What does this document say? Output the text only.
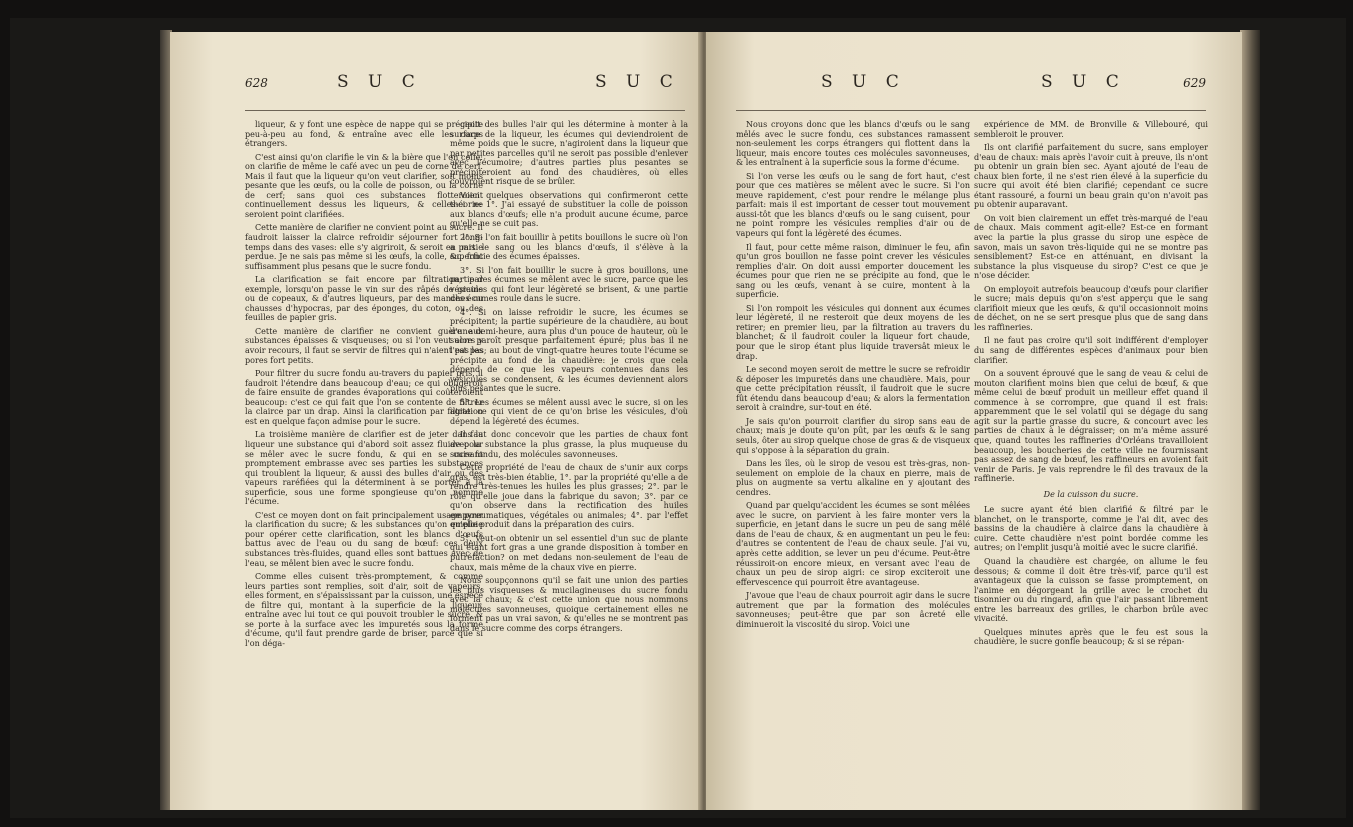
628	S U C	S U C

liqueur, & y font une espèce de nappe qui se précipite peu-à-peu au fond, & entraîne avec elle les corps étrangers.

C'est ainsi qu'on clarifie le vin & la bière que l'on colle: on clarifie de même le café avec un peu de corne de cerf. Mais il faut que la liqueur qu'on veut clarifier, soit moins pesante que les œufs, ou la colle de poisson, ou la corne de cerf; sans quoi ces substances flotteroient continuellement dessus les liqueurs, & celles-ci ne seroient point clarifiées.

Cette manière de clarifier ne convient point au sucre. Il faudroit laisser la clairce refroidir séjourner fort long-temps dans des vases: elle s'y aigriroit, & seroit en partie perdue. Je ne sais pas même si les œufs, la colle, &c. font suffisamment plus pesans que le sucre fondu.

La clarification se fait encore par filtration; par exemple, lorsqu'on passe le vin sur des râpés de grains ou de copeaux, & d'autres liqueurs, par des manches ou chausses d'hypocras, par des éponges, du coton, ou des feuilles de papier gris.

Cette manière de clarifier ne convient guère aux substances épaisses & visqueuses; ou si l'on veut alors y avoir recours, il faut se servir de filtres qui n'aient pas les pores fort petits.

Pour filtrer du sucre fondu au-travers du papier gris, il faudroit l'étendre dans beaucoup d'eau; ce qui obligeroit de faire ensuite de grandes évaporations qui coûteroient beaucoup: c'est ce qui fait que l'on se contente de filtrer la clairce par un drap. Ainsi la clarification par filtration est en quelque façon admise pour le sucre.

La troisième manière de clarifier est de jeter dans la liqueur une substance qui d'abord soit assez fluide pour se mêler avec le sucre fondu, & qui en se cuisant promptement embrasse avec ses parties les substances qui troublent la liqueur, & aussi des bulles d'air ou des vapeurs raréfiées qui la déterminent à se porter à la superficie, sous une forme spongieuse qu'on nomme l'écume.

C'est ce moyen dont on fait principalement usage pour la clarification du sucre; & les substances qu'on emploie pour opérer cette clarification, sont les blancs d'œufs battus avec de l'eau ou du sang de bœuf: ces deux substances très-fluides, quand elles sont battues avec de l'eau, se mêlent bien avec le sucre fondu.

Comme elles cuisent très-promptement, & comme leurs parties sont remplies, soit d'air, soit de vapeurs, elles forment, en s'épaississant par la cuisson, une espèce de filtre qui, montant à la superficie de la liqueur, entraîne avec lui tout ce qui pouvoit troubler le sucre, & se porte à la surface avec les impuretés sous la forme d'écume, qu'il faut prendre garde de briser, parce que si l'on déga-

geoit des bulles l'air qui les détermine à monter à la surface de la liqueur, les écumes qui deviendroient de même poids que le sucre, n'agiroient dans la liqueur que par petites parcelles qu'il ne seroit pas possible d'enlever avec l'écumoire; d'autres parties plus pesantes se précipiteroient au fond des chaudières, où elles couvroient risque de se brûler.

Voici quelques observations qui confirmeront cette théorie: 1°. J'ai essayé de substituer la colle de poisson aux blancs d'œufs; elle n'a produit aucune écume, parce qu'elle ne se cuit pas.

2°. Si l'on fait bouillir à petits bouillons le sucre où l'on a mis le sang ou les blancs d'œufs, il s'élève à la superficie des écumes épaisses.

3°. Si l'on fait bouillir le sucre à gros bouillons, une partie des écumes se mêlent avec le sucre, parce que les vésicules qui font leur légèreté se brisent, & une partie des écumes roule dans le sucre.

4°. Si on laisse refroidir le sucre, les écumes se précipitent; la partie supérieure de la chaudière, au bout d'une demi-heure, aura plus d'un pouce de hauteur, où le sucre paroît presque parfaitement épuré; plus bas il ne l'est pas; au bout de vingt-quatre heures toute l'écume se précipite au fond de la chaudière: je crois que cela dépend de ce que les vapeurs contenues dans les vésicules se condensent, & les écumes deviennent alors plus pesantes que le sucre.

5°. Les écumes se mêlent aussi avec le sucre, si on les agite: ce qui vient de ce qu'on brise les vésicules, d'où dépend la légèreté des écumes.

Il faut donc concevoir que les parties de chaux font avec la substance la plus grasse, la plus muqueuse du sucre fondu, des molécules savonneuses.

Cette propriété de l'eau de chaux de s'unir aux corps gras, est très-bien établie, 1°. par la propriété qu'elle a de rendre très-tenues les huiles les plus grasses; 2°. par le rôle qu'elle joue dans la fabrique du savon; 3°. par ce qu'on observe dans la rectification des huiles empyreumatiques, végétales ou animales; 4°. par l'effet qu'elle produit dans la préparation des cuirs.

5°. Veut-on obtenir un sel essentiel d'un suc de plante qui étant fort gras a une grande disposition à tomber en putréfaction? on met dedans non-seulement de l'eau de chaux, mais même de la chaux vive en pierre.

Nous soupçonnons qu'il se fait une union des parties les plus visqueuses & mucilagineuses du sucre fondu avec la chaux; & c'est cette union que nous nommons molécules savonneuses, quoique certainement elles ne forment pas un vrai savon, & qu'elles ne se montrent pas dans le sucre comme des corps étrangers.

S U C	S U C	629

Nous croyons donc que les blancs d'œufs ou le sang mêlés avec le sucre fondu, ces substances ramassent non-seulement les corps étrangers qui flottent dans la liqueur, mais encore toutes ces molécules savonneuses, & les entraînent à la superficie sous la forme d'écume.

Si l'on verse les œufs ou le sang de fort haut, c'est pour que ces matières se mêlent avec le sucre. Si l'on meuve rapidement, c'est pour rendre le mélange plus parfait: mais il est important de cesser tout mouvement aussi-tôt que les blancs d'œufs ou le sang cuisent, pour ne point rompre les vésicules remplies d'air ou de vapeurs qui font la légèreté des écumes.

Il faut, pour cette même raison, diminuer le feu, afin qu'un gros bouillon ne fasse point crever les vésicules remplies d'air. On doit aussi emporter doucement les écumes pour que rien ne se précipite au fond, que le sang ou les œufs, venant à se cuire, montent à la superficie.

Si l'on rompoit les vésicules qui donnent aux écumes leur légèreté, il ne resteroit que deux moyens de les retirer; en premier lieu, par la filtration au travers du blanchet; & il faudroit couler la liqueur fort chaude, pour que le sirop étant plus liquide traversât mieux le drap.

Le second moyen seroit de mettre le sucre se refroidir & déposer les impuretés dans une chaudière. Mais, pour que cette précipitation réussît, il faudroit que le sucre fût étendu dans beaucoup d'eau; & alors la fermentation seroit à craindre, sur-tout en été.

Je sais qu'on pourroit clarifier du sirop sans eau de chaux; mais je doute qu'on pût, par les œufs & le sang seuls, ôter au sirop quelque chose de gras & de visqueux qui s'oppose à la séparation du grain.

Dans les îles, où le sirop de vesou est très-gras, non-seulement on emploie de la chaux en pierre, mais de plus on augmente sa vertu alkaline en y ajoutant des cendres.

Quand par quelqu'accident les écumes se sont mêlées avec le sucre, on parvient à les faire monter vers la superficie, en jetant dans le sucre un peu de sang mêlé dans de l'eau de chaux, & en augmentant un peu le feu: d'autres se contentent de l'eau de chaux seule. J'ai vu, après cette addition, se lever un peu d'écume. Peut-être réussiroit-on encore mieux, en versant avec l'eau de chaux un peu de sirop aigri: ce sirop exciteroit une effervescence qui pourroit être avantageuse.

J'avoue que l'eau de chaux pourroit agir dans le sucre autrement que par la formation des molécules savonneuses; peut-être que par son âcreté elle diminueroit la viscosité du sirop. Voici une

expérience de MM. de Bronville & Villebouré, qui sembleroit le prouver.

Ils ont clarifié parfaitement du sucre, sans employer d'eau de chaux: mais après l'avoir cuit à preuve, ils n'ont pu obtenir un grain bien sec. Ayant ajouté de l'eau de chaux bien forte, il ne s'est rien élevé à la superficie du sucre qui avoit été bien clarifié; cependant ce sucre étant rassouré, a fourni un beau grain qu'on n'avoit pas pu obtenir auparavant.

On voit bien clairement un effet très-marqué de l'eau de chaux. Mais comment agit-elle? Est-ce en formant avec la partie la plus grasse du sirop une espèce de savon, mais un savon très-liquide qui ne se montre pas sensiblement? Est-ce en atténuant, en divisant la substance la plus visqueuse du sirop? C'est ce que je n'ose décider.

On employoit autrefois beaucoup d'œufs pour clarifier le sucre; mais depuis qu'on s'est apperçu que le sang clarifioit mieux que les œufs, & qu'il occasionnoit moins de déchet, on ne se sert presque plus que de sang dans les raffineries.

Il ne faut pas croire qu'il soit indifférent d'employer du sang de différentes espèces d'animaux pour bien clarifier.

On a souvent éprouvé que le sang de veau & celui de mouton clarifient moins bien que celui de bœuf, & que même celui de bœuf produit un meilleur effet quand il commence à se corrompre, que quand il est frais: apparemment que le sel volatil qui se dégage du sang agit sur la partie grasse du sucre, & concourt avec les parties de chaux à le dégraisser; on m'a même assuré que, quand toutes les raffineries d'Orléans travailloient beaucoup, les boucheries de cette ville ne fournissant pas assez de sang de bœuf, les raffineurs en avoient fait venir de Paris. Je vais reprendre le fil des travaux de la raffinerie.

De la cuisson du sucre.

Le sucre ayant été bien clarifié & filtré par le blanchet, on le transporte, comme je l'ai dit, avec des bassins de la chaudière à clairce dans la chaudière à cuire. Cette chaudière n'est point bordée comme les autres; on l'emplit jusqu'à moitié avec le sucre clarifié.

Quand la chaudière est chargée, on allume le feu dessous; & comme il doit être très-vif, parce qu'il est avantageux que la cuisson se fasse promptement, on l'anime en dégorgeant la grille avec le crochet du tisonnier ou du ringard, afin que l'air passant librement entre les barreaux des grilles, le charbon brûle avec vivacité.

Quelques minutes après que le feu est sous la chaudière, le sucre gonfle beaucoup; & si se répan-
